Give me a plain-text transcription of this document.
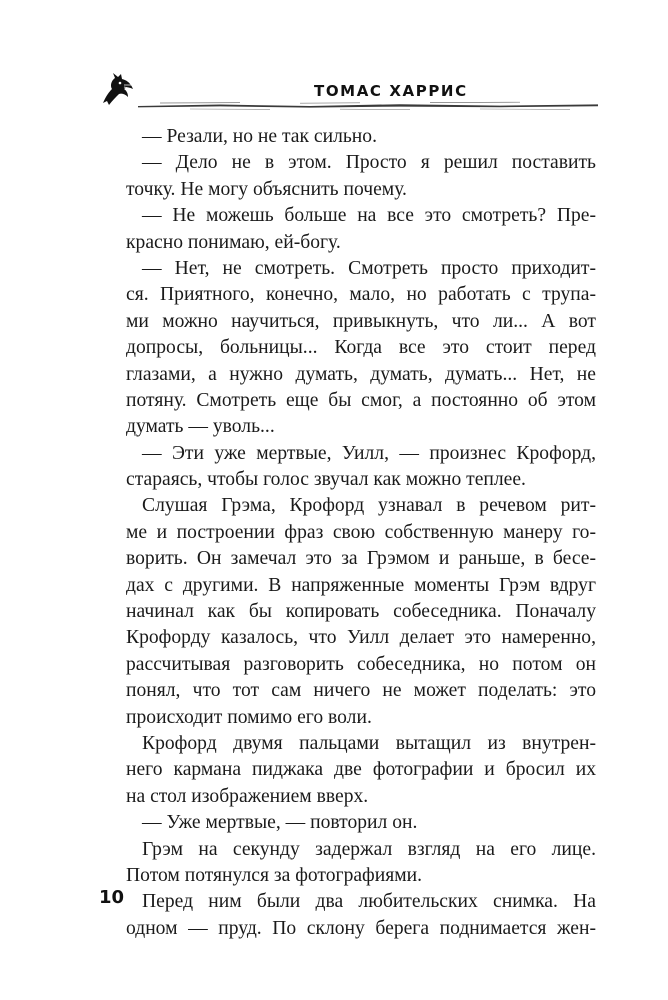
ТОМАС ХАРРИС
— Резали, но не так сильно.
— Дело не в этом. Просто я решил поставить
точку. Не могу объяснить почему.
— Не можешь больше на все это смотреть? Пре-
красно понимаю, ей-богу.
— Нет, не смотреть. Смотреть просто приходит-
ся. Приятного, конечно, мало, но работать с трупа-
ми можно научиться, привыкнуть, что ли... А вот
допросы, больницы... Когда все это стоит перед
глазами, а нужно думать, думать, думать... Нет, не
потяну. Смотреть еще бы смог, а постоянно об этом
думать — уволь...
— Эти уже мертвые, Уилл, — произнес Крофорд,
стараясь, чтобы голос звучал как можно теплее.
Слушая Грэма, Крофорд узнавал в речевом рит-
ме и построении фраз свою собственную манеру го-
ворить. Он замечал это за Грэмом и раньше, в бесе-
дах с другими. В напряженные моменты Грэм вдруг
начинал как бы копировать собеседника. Поначалу
Крофорду казалось, что Уилл делает это намеренно,
рассчитывая разговорить собеседника, но потом он
понял, что тот сам ничего не может поделать: это
происходит помимо его воли.
Крофорд двумя пальцами вытащил из внутрен-
него кармана пиджака две фотографии и бросил их
на стол изображением вверх.
— Уже мертвые, — повторил он.
Грэм на секунду задержал взгляд на его лице.
Потом потянулся за фотографиями.
Перед ним были два любительских снимка. На
одном — пруд. По склону берега поднимается жен-
10
